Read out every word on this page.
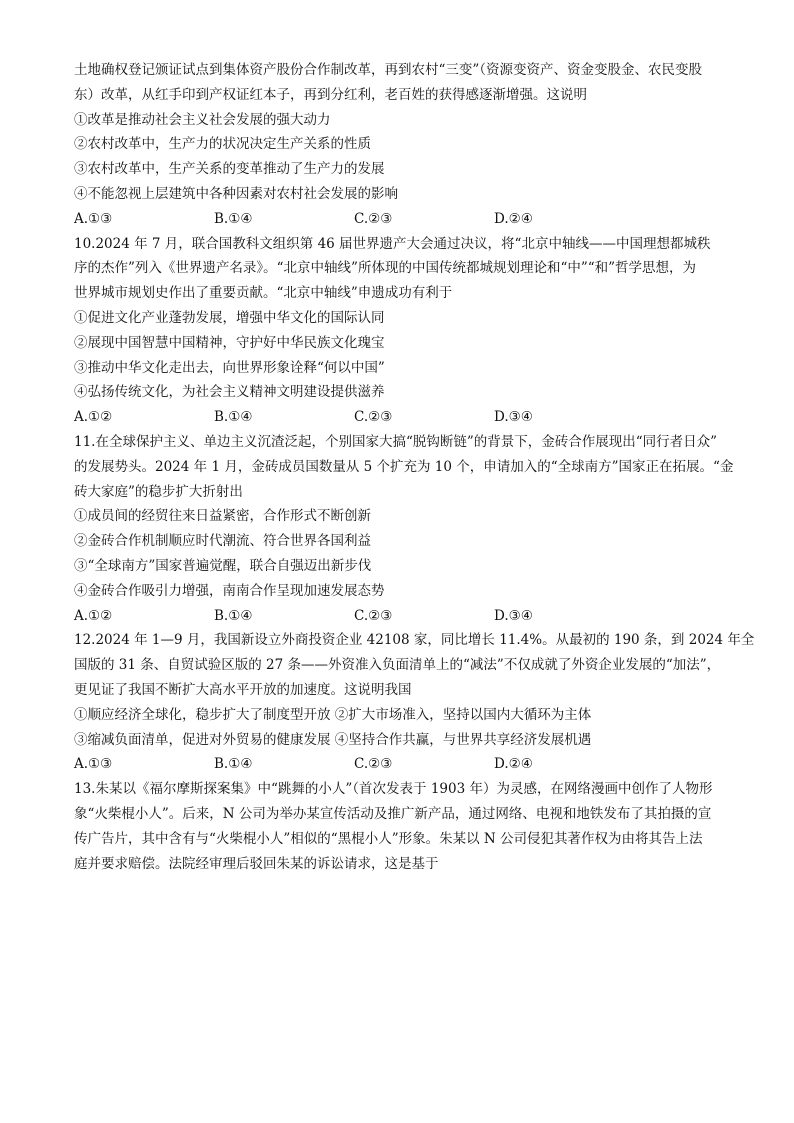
土地确权登记颁证试点到集体资产股份合作制改革，再到农村“三变”（资源变资产、资金变股金、农民变股
东）改革，从红手印到产权证红本子，再到分红利，老百姓的获得感逐渐增强。这说明
①改革是推动社会主义社会发展的强大动力
②农村改革中，生产力的状况决定生产关系的性质
③农村改革中，生产关系的变革推动了生产力的发展
④不能忽视上层建筑中各种因素对农村社会发展的影响
A.①③	B.①④	C.②③	D.②④
10.2024 年 7 月，联合国教科文组织第 46 届世界遗产大会通过决议，将“北京中轴线——中国理想都城秩
序的杰作”列入《世界遗产名录》。“北京中轴线”所体现的中国传统都城规划理论和“中”“和”哲学思想，为
世界城市规划史作出了重要贡献。“北京中轴线”申遗成功有利于
①促进文化产业蓬勃发展，增强中华文化的国际认同
②展现中国智慧中国精神，守护好中华民族文化瑰宝
③推动中华文化走出去，向世界形象诠释“何以中国”
④弘扬传统文化，为社会主义精神文明建设提供滋养
A.①②	B.①④	C.②③	D.③④
11.在全球保护主义、单边主义沉渣泛起，个别国家大搞“脱钩断链”的背景下，金砖合作展现出“同行者日众”
的发展势头。2024 年 1 月，金砖成员国数量从 5 个扩充为 10 个，申请加入的“全球南方”国家正在拓展。“金
砖大家庭”的稳步扩大折射出
①成员间的经贸往来日益紧密，合作形式不断创新
②金砖合作机制顺应时代潮流、符合世界各国利益
③“全球南方”国家普遍觉醒，联合自强迈出新步伐
④金砖合作吸引力增强，南南合作呈现加速发展态势
A.①②	B.①④	C.②③	D.③④
12.2024 年 1—9 月，我国新设立外商投资企业 42108 家，同比增长 11.4%。从最初的 190 条，到 2024 年全
国版的 31 条、自贸试验区版的 27 条——外资准入负面清单上的“减法”不仅成就了外资企业发展的“加法”，
更见证了我国不断扩大高水平开放的加速度。这说明我国
①顺应经济全球化，稳步扩大了制度型开放 ②扩大市场准入，坚持以国内大循环为主体
③缩减负面清单，促进对外贸易的健康发展 ④坚持合作共赢，与世界共享经济发展机遇
A.①③	B.①④	C.②③	D.②④
13.朱某以《福尔摩斯探案集》中“跳舞的小人”（首次发表于 1903 年）为灵感，在网络漫画中创作了人物形
象“火柴棍小人”。后来，N 公司为举办某宣传活动及推广新产品，通过网络、电视和地铁发布了其拍摄的宣
传广告片，其中含有与“火柴棍小人”相似的“黑棍小人”形象。朱某以 N 公司侵犯其著作权为由将其告上法
庭并要求赔偿。法院经审理后驳回朱某的诉讼请求，这是基于
